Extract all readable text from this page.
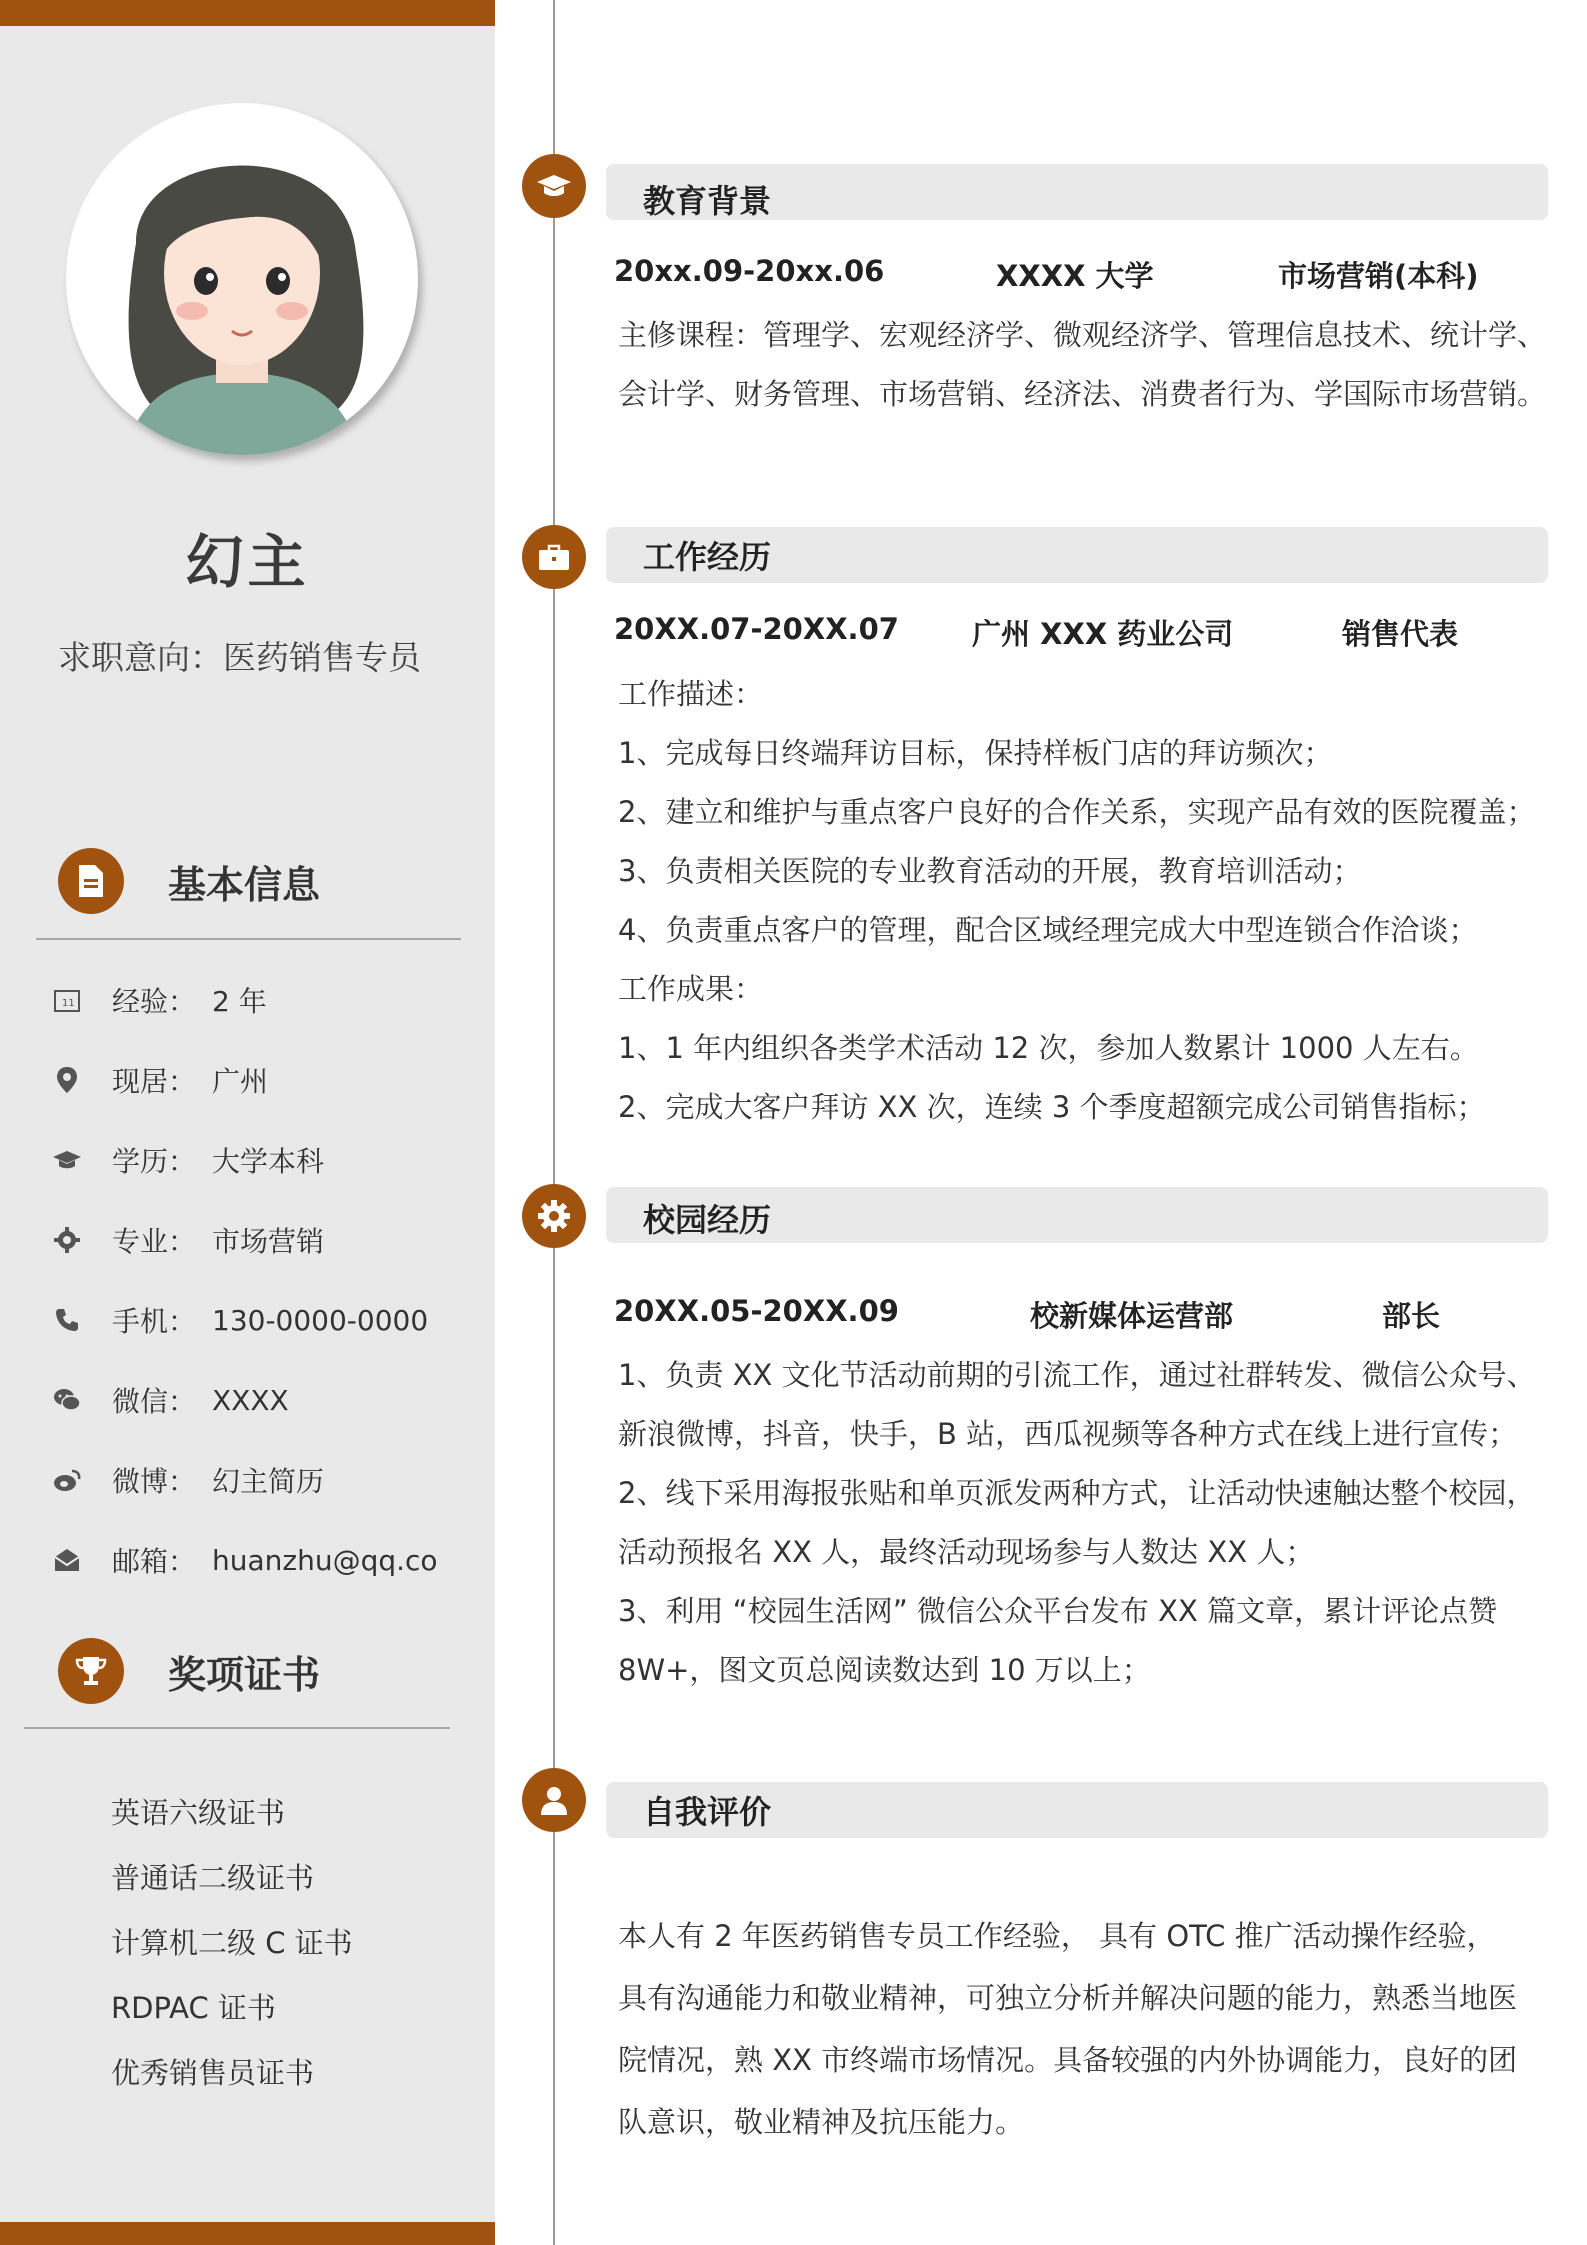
幻主
求职意向：医药销售专员
基本信息
11 经验： 2 年
现居： 广州
学历： 大学本科
专业： 市场营销
手机： 130-0000-0000
微信： XXXX
微博： 幻主简历
邮箱： huanzhu@qq.co
奖项证书
英语六级证书
普通话二级证书
计算机二级 C 证书
RDPAC 证书
优秀销售员证书
教育背景
20xx.09-20xx.06	XXXX 大学	市场营销(本科)
主修课程：管理学、宏观经济学、微观经济学、管理信息技术、统计学、
会计学、财务管理、市场营销、经济法、消费者行为、学国际市场营销。
工作经历
20XX.07-20XX.07	广州 XXX 药业公司	销售代表
工作描述：
1、完成每日终端拜访目标，保持样板门店的拜访频次；
2、建立和维护与重点客户良好的合作关系，实现产品有效的医院覆盖；
3、负责相关医院的专业教育活动的开展，教育培训活动；
4、负责重点客户的管理，配合区域经理完成大中型连锁合作洽谈；
工作成果：
1、1 年内组织各类学术活动 12 次，参加人数累计 1000 人左右。
2、完成大客户拜访 XX 次，连续 3 个季度超额完成公司销售指标；
校园经历
20XX.05-20XX.09	校新媒体运营部	部长
1、负责 XX 文化节活动前期的引流工作，通过社群转发、微信公众号、
新浪微博，抖音，快手，B 站，西瓜视频等各种方式在线上进行宣传；
2、线下采用海报张贴和单页派发两种方式，让活动快速触达整个校园，
活动预报名 XX 人，最终活动现场参与人数达 XX 人；
3、利用 “校园生活网” 微信公众平台发布 XX 篇文章，累计评论点赞
8W+，图文页总阅读数达到 10 万以上；
自我评价
本人有 2 年医药销售专员工作经验， 具有 OTC 推广活动操作经验，
具有沟通能力和敬业精神，可独立分析并解决问题的能力，熟悉当地医
院情况，熟 XX 市终端市场情况。具备较强的内外协调能力，良好的团
队意识，敬业精神及抗压能力。
